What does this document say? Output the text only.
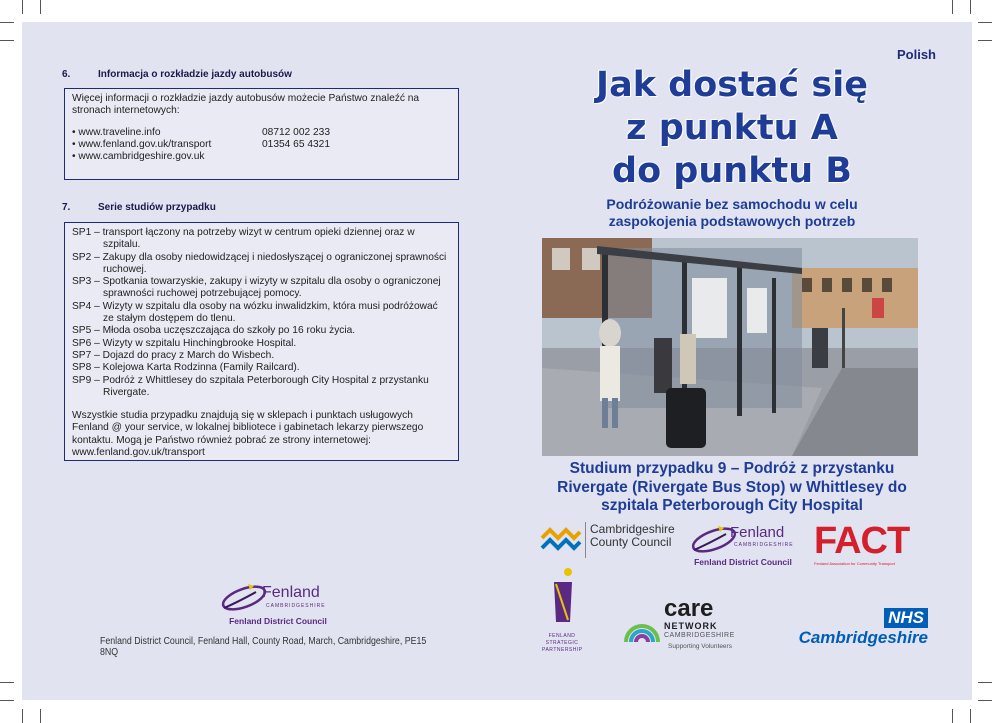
6.	Informacja o rozkładzie jazdy autobusów
Więcej informacji o rozkładzie jazdy autobusów możecie Państwo znaleźć na stronach internetowych:
• www.traveline.info
• www.fenland.gov.uk/transport
• www.cambridgeshire.gov.uk
08712 002 233
01354 65 4321
7.	Serie studiów przypadku
SP1 – transport łączony na potrzeby wizyt w centrum opieki dziennej oraz w szpitalu.
SP2 – Zakupy dla osoby niedowidzącej i niedosłyszącej o ograniczonej sprawności ruchowej.
SP3 – Spotkania towarzyskie, zakupy i wizyty w szpitalu dla osoby o ograniczonej sprawności ruchowej potrzebującej pomocy.
SP4 – Wizyty w szpitalu dla osoby na wózku inwalidzkim, która musi podróżować ze stałym dostępem do tlenu.
SP5 – Młoda osoba uczęszczająca do szkoły po 16 roku życia.
SP6 – Wizyty w szpitalu Hinchingbrooke Hospital.
SP7 – Dojazd do pracy z March do Wisbech.
SP8 – Kolejowa Karta Rodzinna (Family Railcard).
SP9 – Podróż z Whittlesey do szpitala Peterborough City Hospital z przystanku Rivergate.
Wszystkie studia przypadku znajdują się w sklepach i punktach usługowych Fenland @ your service, w lokalnej bibliotece i gabinetach lekarzy pierwszego kontaktu. Mogą je Państwo również pobrać ze strony internetowej: www.fenland.gov.uk/transport
Fenland
CAMBRIDGESHIRE
Fenland District Council
Fenland District Council, Fenland Hall, County Road, March, Cambridgeshire, PE15 8NQ
Polish
Jak dostać się
z punktu A
do punktu B
Podróżowanie bez samochodu w celu
zaspokojenia podstawowych potrzeb
Studium przypadku 9 – Podróż z przystanku
Rivergate (Rivergate Bus Stop) w Whittlesey do
szpitala Peterborough City Hospital
Cambridgeshire
County Council
Fenland
CAMBRIDGESHIRE
Fenland District Council FACT
Fenland Association for Community Transport
FENLAND
STRATEGIC
PARTNERSHIP
care
NETWORK
CAMBRIDGESHIRE
Supporting Volunteers
NHS
Cambridgeshire
